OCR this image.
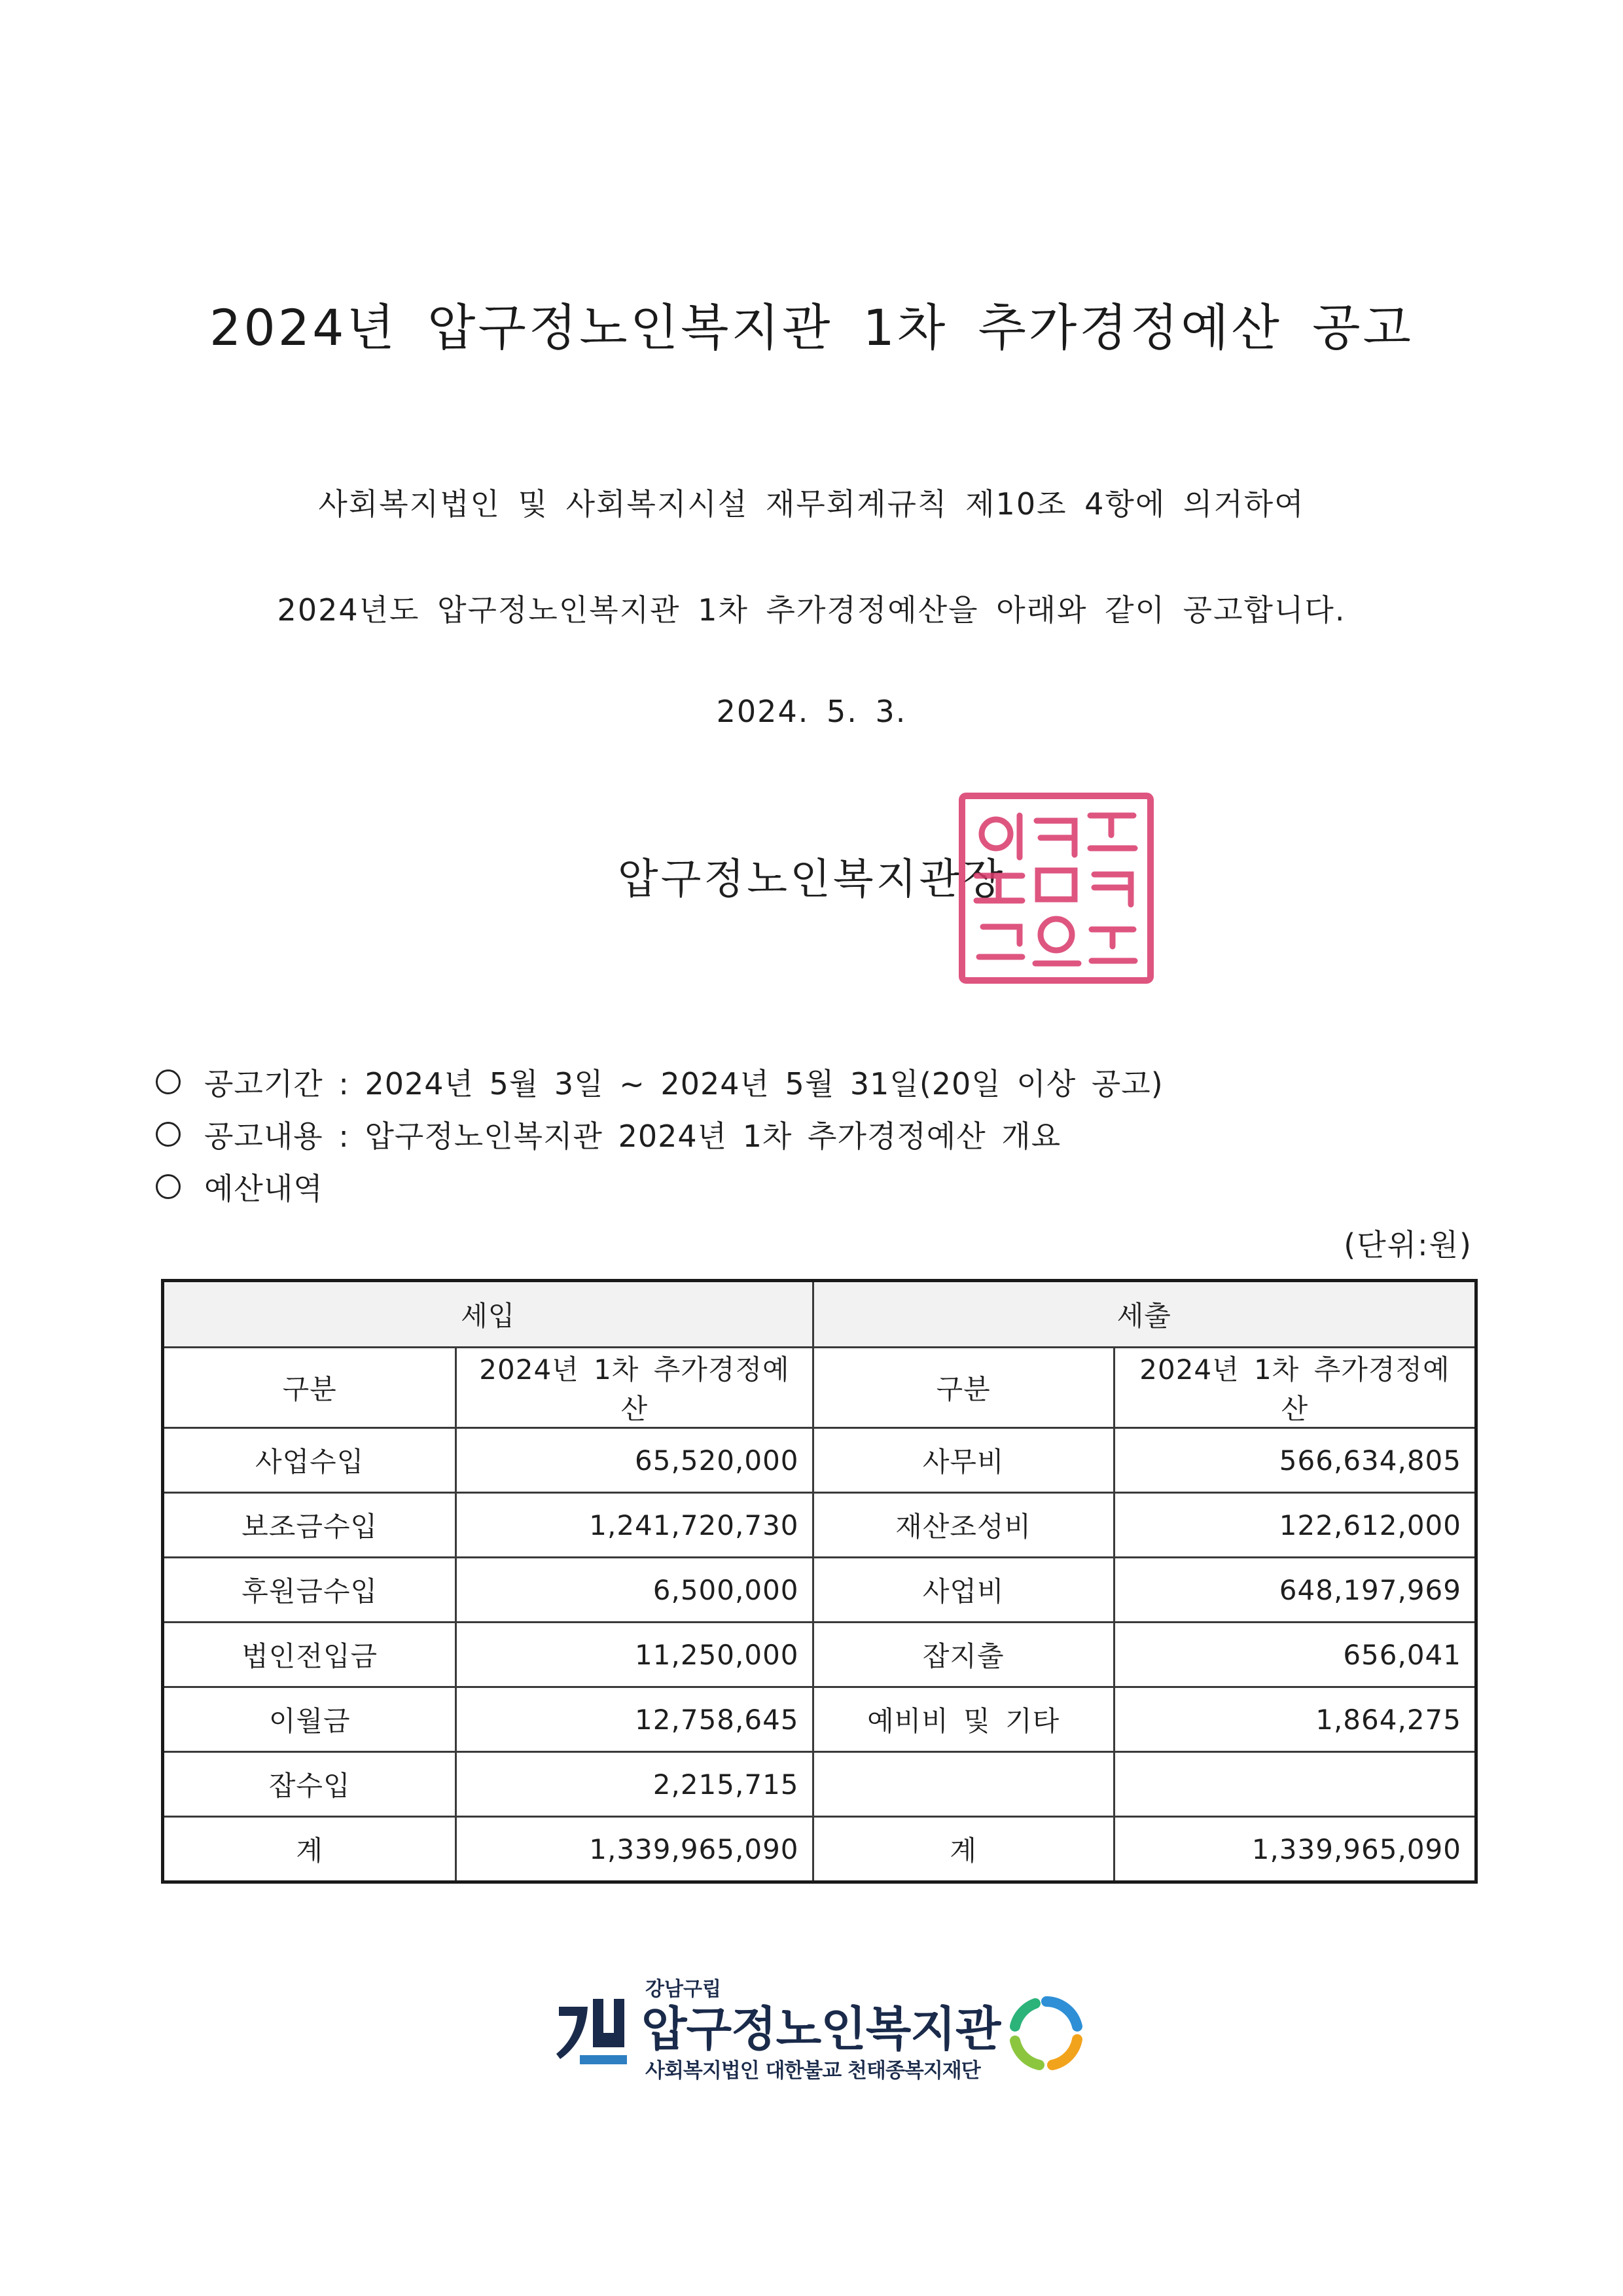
2024년 압구정노인복지관 1차 추가경정예산 공고
사회복지법인 및 사회복지시설 재무회계규칙 제10조 4항에 의거하여
2024년도 압구정노인복지관 1차 추가경정예산을 아래와 같이 공고합니다.
2024. 5. 3.
압구정노인복지관장
공고기간 : 2024년 5월 3일 ~ 2024년 5월 31일(20일 이상 공고)
공고내용 : 압구정노인복지관 2024년 1차 추가경정예산 개요
예산내역
(단위:원)
세입		세출	
구분	2024년 1차 추가경정예산	구분	2024년 1차 추가경정예산
사업수입	65,520,000	사무비	566,634,805
보조금수입	1,241,720,730	재산조성비	122,612,000
후원금수입	6,500,000	사업비	648,197,969
법인전입금	11,250,000	잡지출	656,041
이월금	12,758,645	예비비 및 기타	1,864,275
잡수입	2,215,715		
계	1,339,965,090	계	1,339,965,090
강남구립
압구정노인복지관
사회복지법인 대한불교 천태종복지재단
